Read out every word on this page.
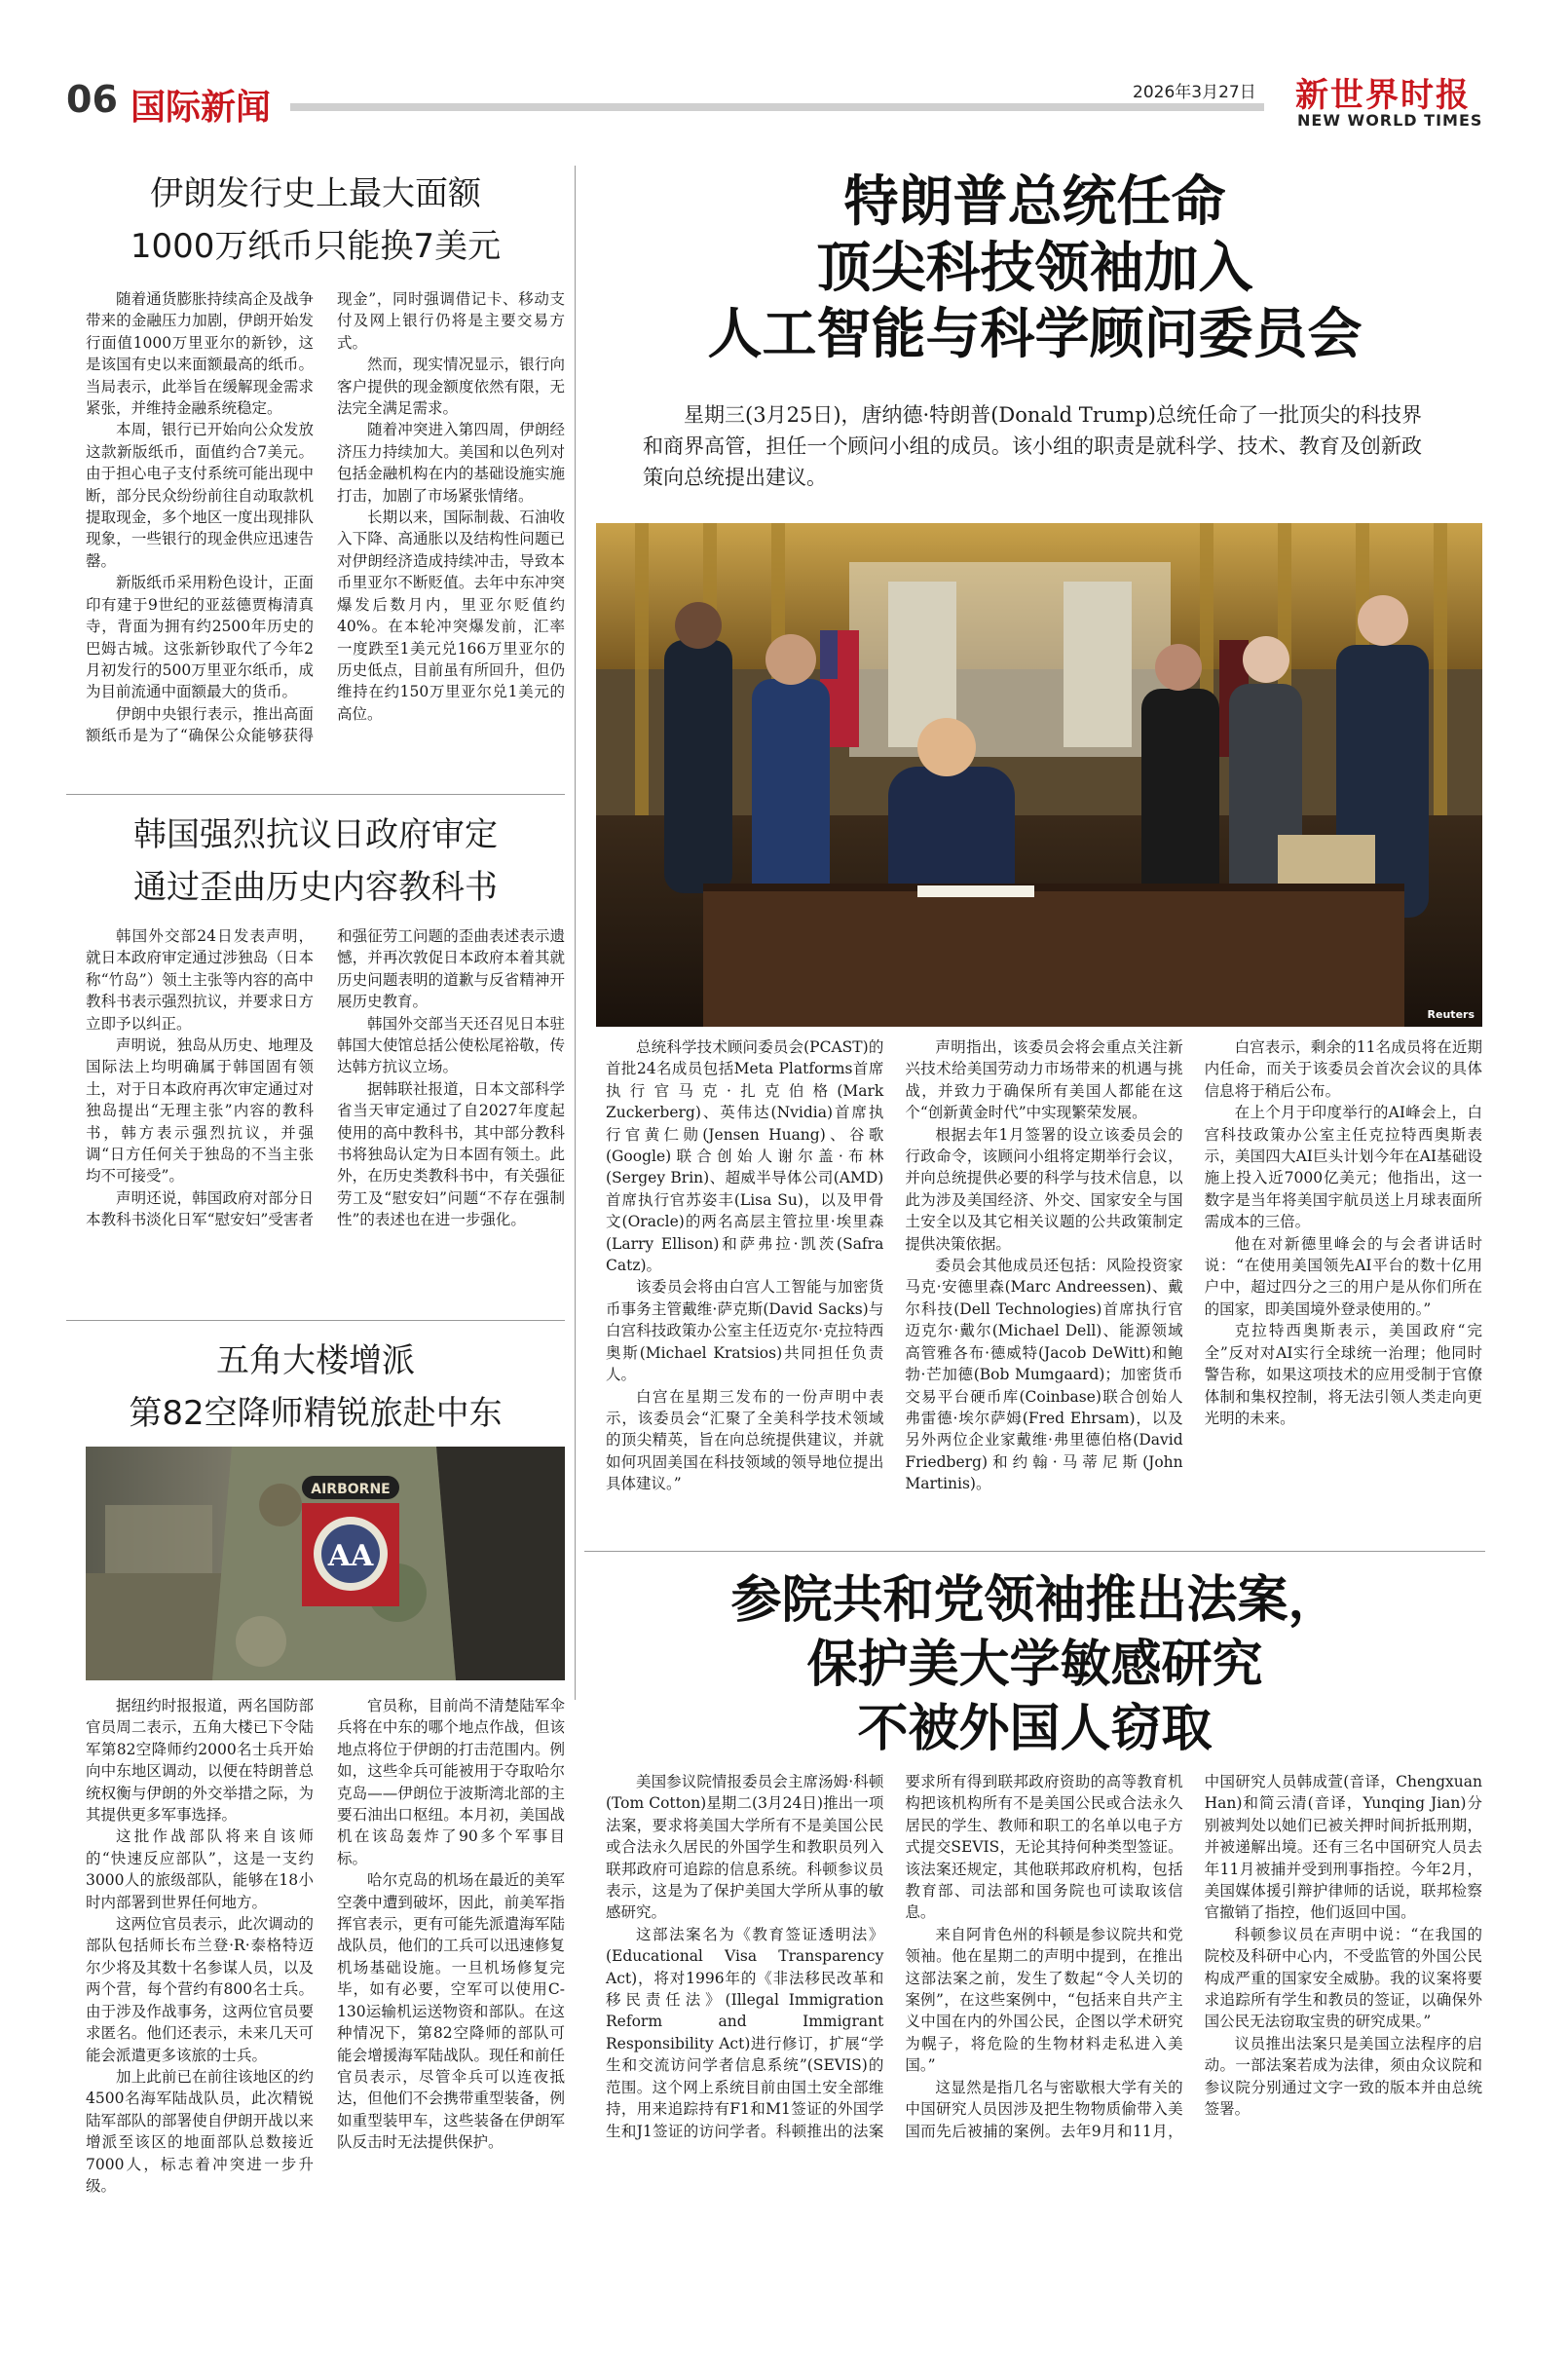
06 国际新闻	2026年3月27日 新世界时报
NEW WORLD TIMES
伊朗发行史上最大面额
1000万纸币只能换7美元

随着通货膨胀持续高企及战争带来的金融压力加剧，伊朗开始发行面值1000万里亚尔的新钞，这是该国有史以来面额最高的纸币。当局表示，此举旨在缓解现金需求紧张，并维持金融系统稳定。

本周，银行已开始向公众发放这款新版纸币，面值约合7美元。由于担心电子支付系统可能出现中断，部分民众纷纷前往自动取款机提取现金，多个地区一度出现排队现象，一些银行的现金供应迅速告罄。

新版纸币采用粉色设计，正面印有建于9世纪的亚兹德贾梅清真寺，背面为拥有约2500年历史的巴姆古城。这张新钞取代了今年2月初发行的500万里亚尔纸币，成为目前流通中面额最大的货币。

伊朗中央银行表示，推出高面额纸币是为了“确保公众能够获得现金”，同时强调借记卡、移动支付及网上银行仍将是主要交易方式。

然而，现实情况显示，银行向客户提供的现金额度依然有限，无法完全满足需求。

随着冲突进入第四周，伊朗经济压力持续加大。美国和以色列对包括金融机构在内的基础设施实施打击，加剧了市场紧张情绪。

长期以来，国际制裁、石油收入下降、高通胀以及结构性问题已对伊朗经济造成持续冲击，导致本币里亚尔不断贬值。去年中东冲突爆发后数月内，里亚尔贬值约40%。在本轮冲突爆发前，汇率一度跌至1美元兑166万里亚尔的历史低点，目前虽有所回升，但仍维持在约150万里亚尔兑1美元的高位。

韩国强烈抗议日政府审定
通过歪曲历史内容教科书

韩国外交部24日发表声明，就日本政府审定通过涉独岛（日本称“竹岛”）领土主张等内容的高中教科书表示强烈抗议，并要求日方立即予以纠正。

声明说，独岛从历史、地理及国际法上均明确属于韩国固有领土，对于日本政府再次审定通过对独岛提出“无理主张”内容的教科书，韩方表示强烈抗议，并强调“日方任何关于独岛的不当主张均不可接受”。

声明还说，韩国政府对部分日本教科书淡化日军“慰安妇”受害者和强征劳工问题的歪曲表述表示遗憾，并再次敦促日本政府本着其就历史问题表明的道歉与反省精神开展历史教育。

韩国外交部当天还召见日本驻韩国大使馆总括公使松尾裕敬，传达韩方抗议立场。

据韩联社报道，日本文部科学省当天审定通过了自2027年度起使用的高中教科书，其中部分教科书将独岛认定为日本固有领土。此外，在历史类教科书中，有关强征劳工及“慰安妇”问题“不存在强制性”的表述也在进一步强化。

五角大楼增派
第82空降师精锐旅赴中东
AIRBORNE
AA

据纽约时报报道，两名国防部官员周二表示，五角大楼已下令陆军第82空降师约2000名士兵开始向中东地区调动，以便在特朗普总统权衡与伊朗的外交举措之际，为其提供更多军事选择。

这批作战部队将来自该师的“快速反应部队”，这是一支约3000人的旅级部队，能够在18小时内部署到世界任何地方。

这两位官员表示，此次调动的部队包括师长布兰登·R·泰格特迈尔少将及其数十名参谋人员，以及两个营，每个营约有800名士兵。由于涉及作战事务，这两位官员要求匿名。他们还表示，未来几天可能会派遣更多该旅的士兵。

加上此前已在前往该地区的约4500名海军陆战队员，此次精锐陆军部队的部署使自伊朗开战以来增派至该区的地面部队总数接近7000人，标志着冲突进一步升级。

官员称，目前尚不清楚陆军伞兵将在中东的哪个地点作战，但该地点将位于伊朗的打击范围内。例如，这些伞兵可能被用于夺取哈尔克岛——伊朗位于波斯湾北部的主要石油出口枢纽。本月初，美国战机在该岛轰炸了90多个军事目标。

哈尔克岛的机场在最近的美军空袭中遭到破坏，因此，前美军指挥官表示，更有可能先派遣海军陆战队员，他们的工兵可以迅速修复机场基础设施。一旦机场修复完毕，如有必要，空军可以使用C-130运输机运送物资和部队。在这种情况下，第82空降师的部队可能会增援海军陆战队。现任和前任官员表示，尽管伞兵可以连夜抵达，但他们不会携带重型装备，例如重型装甲车，这些装备在伊朗军队反击时无法提供保护。

特朗普总统任命
顶尖科技领袖加入
人工智能与科学顾问委员会
星期三(3月25日)，唐纳德·特朗普(Donald Trump)总统任命了一批顶尖的科技界和商界高管，担任一个顾问小组的成员。该小组的职责是就科学、技术、教育及创新政策向总统提出建议。
Reuters

总统科学技术顾问委员会(PCAST)的首批24名成员包括Meta Platforms首席执行官马克·扎克伯格(Mark Zuckerberg)、英伟达(Nvidia)首席执行官黄仁勋(Jensen Huang)、谷歌(Google)联合创始人谢尔盖·布林(Sergey Brin)、超威半导体公司(AMD)首席执行官苏姿丰(Lisa Su)，以及甲骨文(Oracle)的两名高层主管拉里·埃里森(Larry Ellison)和萨弗拉·凯茨(Safra Catz)。

该委员会将由白宫人工智能与加密货币事务主管戴维·萨克斯(David Sacks)与白宫科技政策办公室主任迈克尔·克拉特西奥斯(Michael Kratsios)共同担任负责人。

白宫在星期三发布的一份声明中表示，该委员会“汇聚了全美科学技术领域的顶尖精英，旨在向总统提供建议，并就如何巩固美国在科技领域的领导地位提出具体建议。”

声明指出，该委员会将会重点关注新兴技术给美国劳动力市场带来的机遇与挑战，并致力于确保所有美国人都能在这个“创新黄金时代”中实现繁荣发展。

根据去年1月签署的设立该委员会的行政命令，该顾问小组将定期举行会议，并向总统提供必要的科学与技术信息，以此为涉及美国经济、外交、国家安全与国土安全以及其它相关议题的公共政策制定提供决策依据。

委员会其他成员还包括：风险投资家马克·安德里森(Marc Andreessen)、戴尔科技(Dell Technologies)首席执行官迈克尔·戴尔(Michael Dell)、能源领域高管雅各布·德威特(Jacob DeWitt)和鲍勃·芒加德(Bob Mumgaard)；加密货币交易平台硬币库(Coinbase)联合创始人弗雷德·埃尔萨姆(Fred Ehrsam)，以及另外两位企业家戴维·弗里德伯格(David Friedberg)和约翰·马蒂尼斯(John Martinis)。

白宫表示，剩余的11名成员将在近期内任命，而关于该委员会首次会议的具体信息将于稍后公布。

在上个月于印度举行的AI峰会上，白宫科技政策办公室主任克拉特西奥斯表示，美国四大AI巨头计划今年在AI基础设施上投入近7000亿美元；他指出，这一数字是当年将美国宇航员送上月球表面所需成本的三倍。

他在对新德里峰会的与会者讲话时说：“在使用美国领先AI平台的数十亿用户中，超过四分之三的用户是从你们所在的国家，即美国境外登录使用的。”

克拉特西奥斯表示，美国政府“完全”反对对AI实行全球统一治理；他同时警告称，如果这项技术的应用受制于官僚体制和集权控制，将无法引领人类走向更光明的未来。

参院共和党领袖推出法案，
保护美大学敏感研究
不被外国人窃取

美国参议院情报委员会主席汤姆·科顿(Tom Cotton)星期二(3月24日)推出一项法案，要求将美国大学所有不是美国公民或合法永久居民的外国学生和教职员列入联邦政府可追踪的信息系统。科顿参议员表示，这是为了保护美国大学所从事的敏感研究。

这部法案名为《教育签证透明法》(Educational Visa Transparency Act)，将对1996年的《非法移民改革和移民责任法》(Illegal Immigration Reform and Immigrant Responsibility Act)进行修订，扩展“学生和交流访问学者信息系统”(SEVIS)的范围。这个网上系统目前由国土安全部维持，用来追踪持有F1和M1签证的外国学生和J1签证的访问学者。科顿推出的法案要求所有得到联邦政府资助的高等教育机构把该机构所有不是美国公民或合法永久居民的学生、教师和职工的名单以电子方式提交SEVIS，无论其持何种类型签证。该法案还规定，其他联邦政府机构，包括教育部、司法部和国务院也可读取该信息。

来自阿肯色州的科顿是参议院共和党领袖。他在星期二的声明中提到，在推出这部法案之前，发生了数起“令人关切的案例”，在这些案例中，“包括来自共产主义中国在内的外国公民，企图以学术研究为幌子，将危险的生物材料走私进入美国。”

这显然是指几名与密歇根大学有关的中国研究人员因涉及把生物物质偷带入美国而先后被捕的案例。去年9月和11月，中国研究人员韩成萱(音译，Chengxuan Han)和简云清(音译，Yunqing Jian)分别被判处以她们已被关押时间折抵刑期，并被递解出境。还有三名中国研究人员去年11月被捕并受到刑事指控。今年2月，美国媒体援引辩护律师的话说，联邦检察官撤销了指控，他们返回中国。

科顿参议员在声明中说：“在我国的院校及科研中心内，不受监管的外国公民构成严重的国家安全威胁。我的议案将要求追踪所有学生和教员的签证，以确保外国公民无法窃取宝贵的研究成果。”

议员推出法案只是美国立法程序的启动。一部法案若成为法律，须由众议院和参议院分别通过文字一致的版本并由总统签署。
